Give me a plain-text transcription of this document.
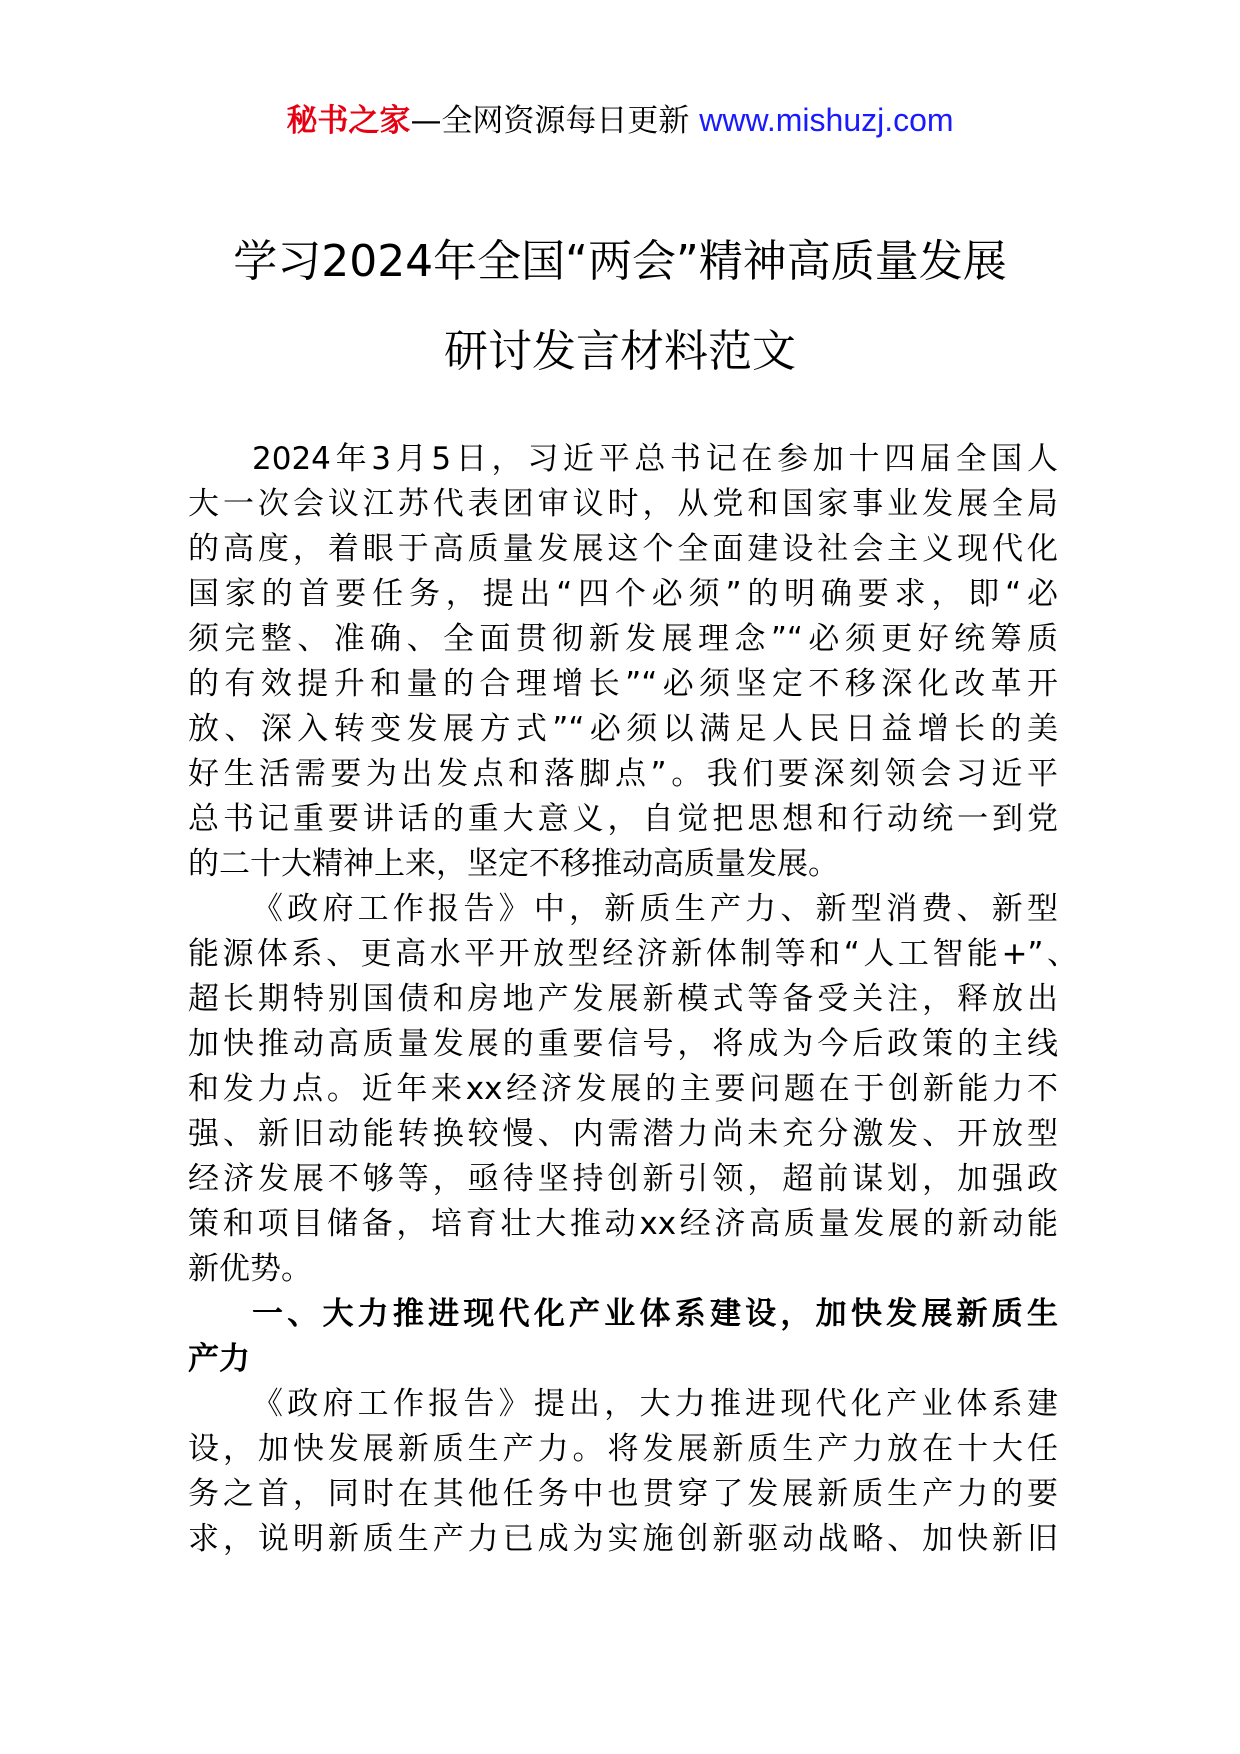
秘书之家—全网资源每日更新 www.mishuzj.com
学习2024年全国“两会”精神高质量发展
研讨发言材料范文
2024年3月5日，习近平总书记在参加十四届全国人
大一次会议江苏代表团审议时，从党和国家事业发展全局
的高度，着眼于高质量发展这个全面建设社会主义现代化
国家的首要任务，提出“四个必须”的明确要求，即“必
须完整、准确、全面贯彻新发展理念”“必须更好统筹质
的有效提升和量的合理增长”“必须坚定不移深化改革开
放、深入转变发展方式”“必须以满足人民日益增长的美
好生活需要为出发点和落脚点”。我们要深刻领会习近平
总书记重要讲话的重大意义，自觉把思想和行动统一到党
的二十大精神上来，坚定不移推动高质量发展。
《政府工作报告》中，新质生产力、新型消费、新型
能源体系、更高水平开放型经济新体制等和“人工智能+”、
超长期特别国债和房地产发展新模式等备受关注，释放出
加快推动高质量发展的重要信号，将成为今后政策的主线
和发力点。近年来xx经济发展的主要问题在于创新能力不
强、新旧动能转换较慢、内需潜力尚未充分激发、开放型
经济发展不够等，亟待坚持创新引领，超前谋划，加强政
策和项目储备，培育壮大推动xx经济高质量发展的新动能
新优势。
一、大力推进现代化产业体系建设，加快发展新质生
产力
《政府工作报告》提出，大力推进现代化产业体系建
设，加快发展新质生产力。将发展新质生产力放在十大任
务之首，同时在其他任务中也贯穿了发展新质生产力的要
求，说明新质生产力已成为实施创新驱动战略、加快新旧
